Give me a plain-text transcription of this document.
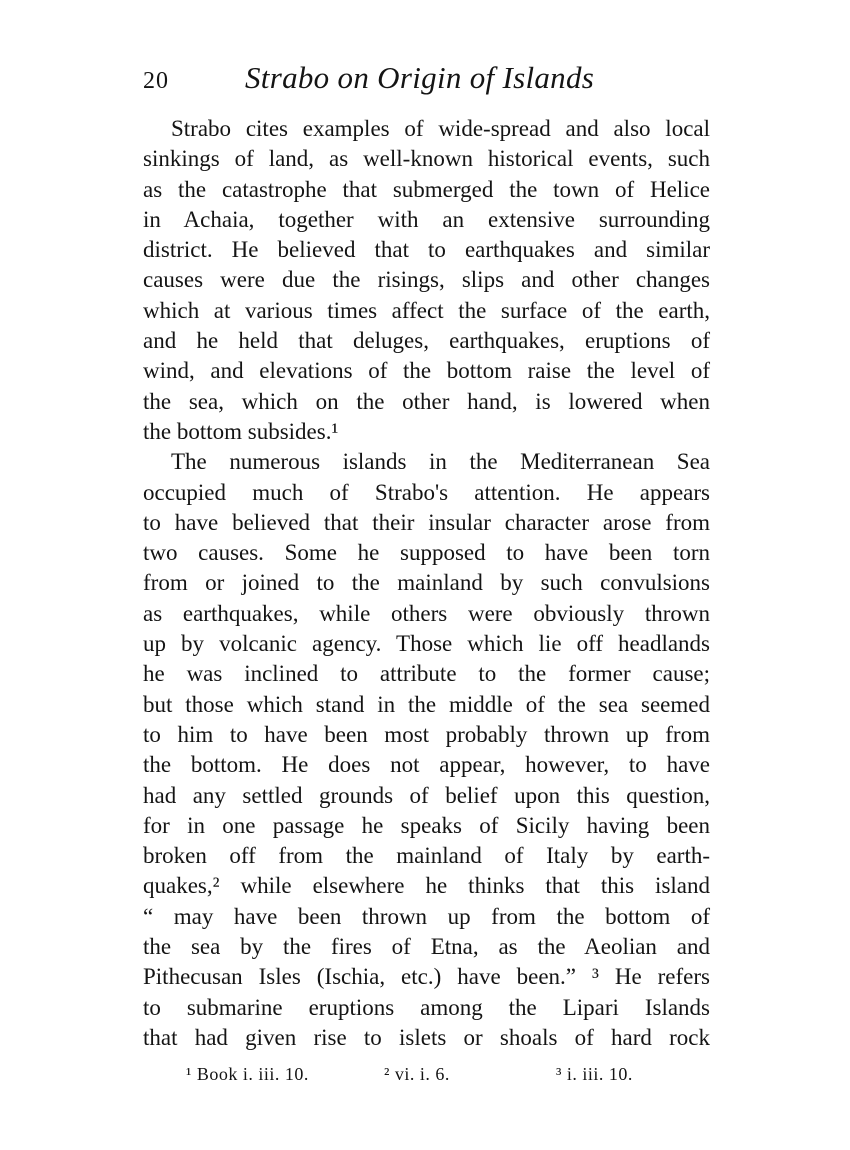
20 Strabo on Origin of Islands
Strabo cites examples of wide-spread and also local
sinkings of land, as well-known historical events, such
as the catastrophe that submerged the town of Helice
in Achaia, together with an extensive surrounding
district. He believed that to earthquakes and similar
causes were due the risings, slips and other changes
which at various times affect the surface of the earth,
and he held that deluges, earthquakes, eruptions of
wind, and elevations of the bottom raise the level of
the sea, which on the other hand, is lowered when
the bottom subsides.¹
The numerous islands in the Mediterranean Sea
occupied much of Strabo's attention. He appears
to have believed that their insular character arose from
two causes. Some he supposed to have been torn
from or joined to the mainland by such convulsions
as earthquakes, while others were obviously thrown
up by volcanic agency. Those which lie off headlands
he was inclined to attribute to the former cause;
but those which stand in the middle of the sea seemed
to him to have been most probably thrown up from
the bottom. He does not appear, however, to have
had any settled grounds of belief upon this question,
for in one passage he speaks of Sicily having been
broken off from the mainland of Italy by earth-
quakes,² while elsewhere he thinks that this island
“ may have been thrown up from the bottom of
the sea by the fires of Etna, as the Aeolian and
Pithecusan Isles (Ischia, etc.) have been.” ³ He refers
to submarine eruptions among the Lipari Islands
that had given rise to islets or shoals of hard rock
¹ Book i. iii. 10.	² vi. i. 6.	³ i. iii. 10.
